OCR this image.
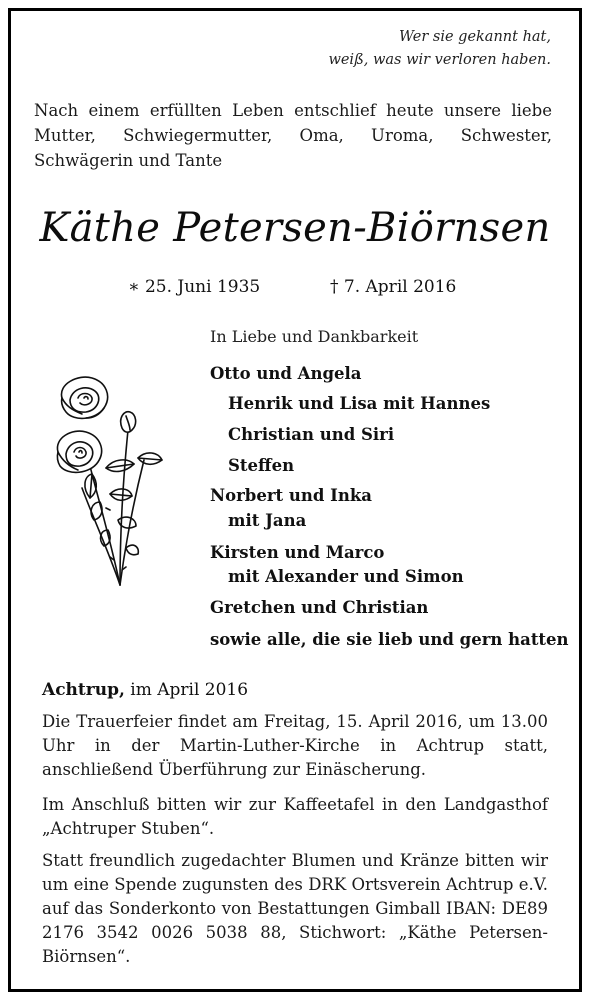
Wer sie gekannt hat,
weiß, was wir verloren haben.
Nach einem erfüllten Leben entschlief heute unsere liebe Mutter, Schwiegermutter, Oma, Uroma, Schwester, Schwägerin und Tante
Käthe Petersen-Biörnsen
∗ 25. Juni 1935	† 7. April 2016
In Liebe und Dankbarkeit
Otto und Angela
Henrik und Lisa mit Hannes
Christian und Siri
Steffen
Norbert und Inka
mit Jana
Kirsten und Marco
mit Alexander und Simon
Gretchen und Christian
sowie alle, die sie lieb und gern hatten
Achtrup, im April 2016
Die Trauerfeier findet am Freitag, 15. April 2016, um 13.00 Uhr in der Martin-Luther-Kirche in Achtrup statt, anschließend Überführung zur Einäscherung.
Im Anschluß bitten wir zur Kaffeetafel in den Landgasthof „Achtruper Stuben“.
Statt freundlich zugedachter Blumen und Kränze bitten wir um eine Spende zugunsten des DRK Ortsverein Achtrup e.V. auf das Sonderkonto von Bestattungen Gimball IBAN: DE89 2176 3542 0026 5038 88, Stichwort: „Käthe Petersen-Biörnsen“.
